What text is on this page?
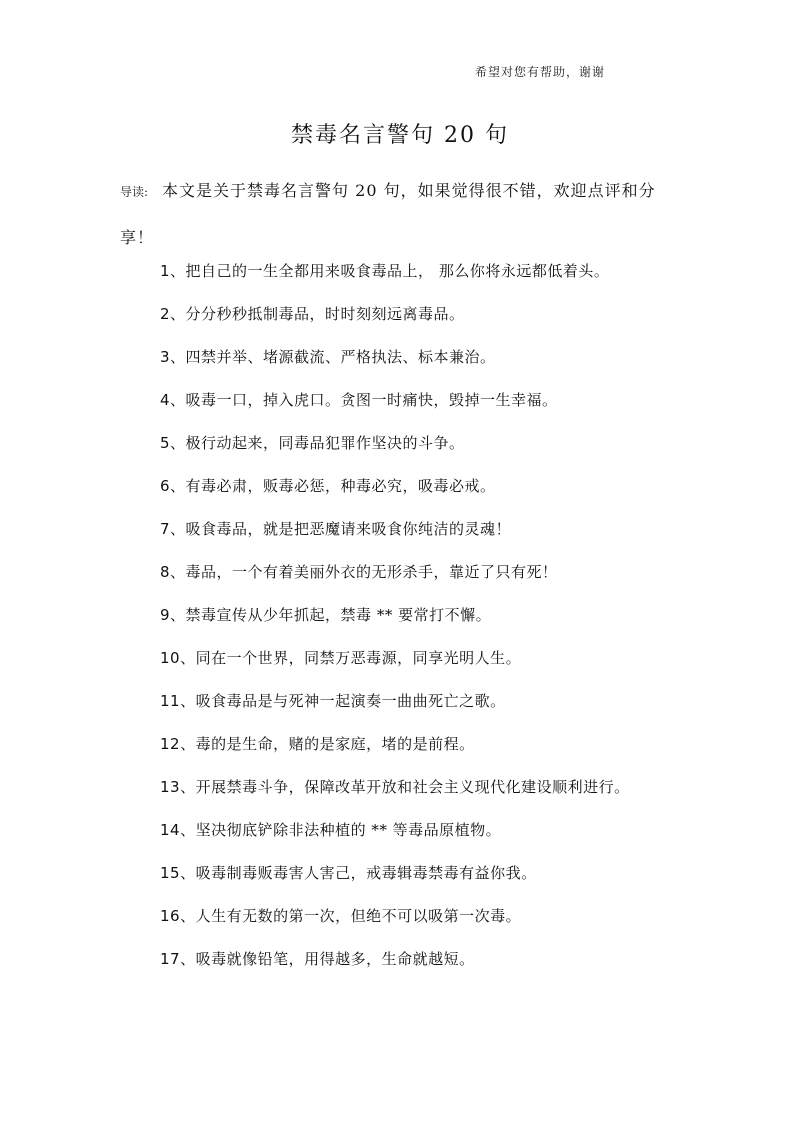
希望对您有帮助，谢谢
禁毒名言警句 20 句
导读: 本文是关于禁毒名言警句 20 句，如果觉得很不错，欢迎点评和分享！

1、把自己的一生全都用来吸食毒品上， 那么你将永远都低着头。

2、分分秒秒抵制毒品，时时刻刻远离毒品。

3、四禁并举、堵源截流、严格执法、标本兼治。

4、吸毒一口，掉入虎口。贪图一时痛快，毁掉一生幸福。

5、极行动起来，同毒品犯罪作坚决的斗争。

6、有毒必肃，贩毒必惩，种毒必究，吸毒必戒。

7、吸食毒品，就是把恶魔请来吸食你纯洁的灵魂！

8、毒品，一个有着美丽外衣的无形杀手，靠近了只有死！

9、禁毒宣传从少年抓起，禁毒 ** 要常打不懈。

10、同在一个世界，同禁万恶毒源，同享光明人生。

11、吸食毒品是与死神一起演奏一曲曲死亡之歌。

12、毒的是生命，赌的是家庭，堵的是前程。

13、开展禁毒斗争，保障改革开放和社会主义现代化建设顺利进行。

14、坚决彻底铲除非法种植的 ** 等毒品原植物。

15、吸毒制毒贩毒害人害己，戒毒辑毒禁毒有益你我。

16、人生有无数的第一次，但绝不可以吸第一次毒。

17、吸毒就像铅笔，用得越多，生命就越短。
